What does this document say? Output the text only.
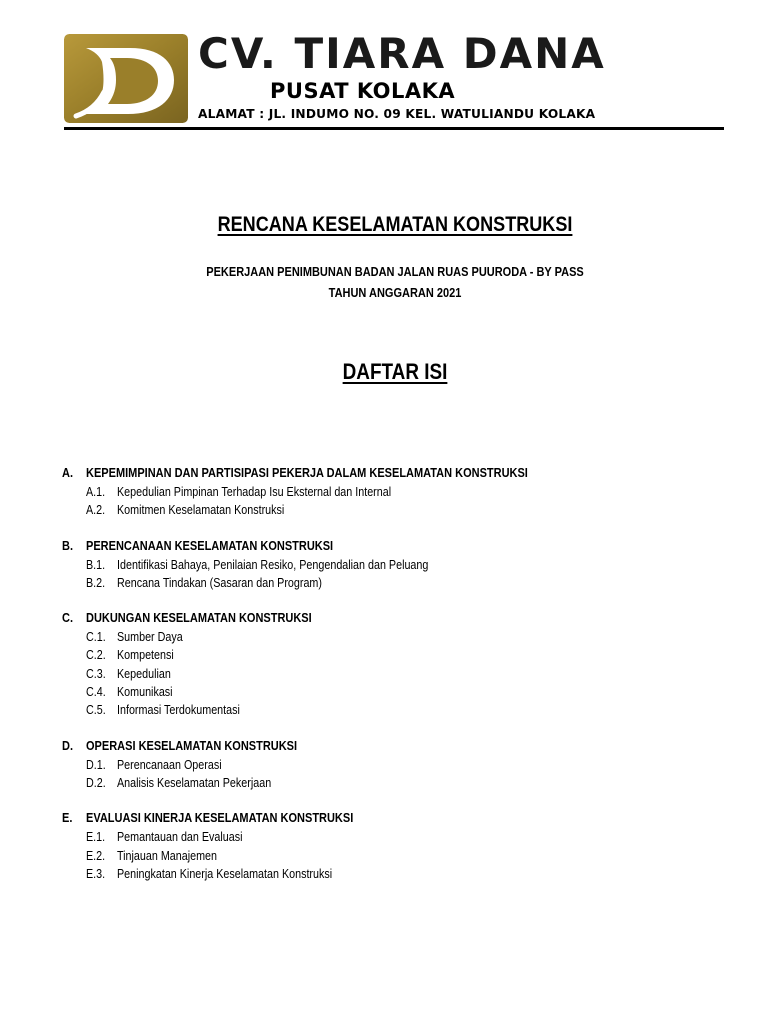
CV. TIARA DANA
PUSAT KOLAKA
ALAMAT : JL. INDUMO NO. 09 KEL. WATULIANDU KOLAKA
RENCANA KESELAMATAN KONSTRUKSI
PEKERJAAN PENIMBUNAN BADAN JALAN RUAS PUURODA - BY PASS
TAHUN ANGGARAN 2021
DAFTAR ISI
A. KEPEMIMPINAN DAN PARTISIPASI PEKERJA DALAM KESELAMATAN KONSTRUKSI
A.1. Kepedulian Pimpinan Terhadap Isu Eksternal dan Internal
A.2. Komitmen Keselamatan Konstruksi
B. PERENCANAAN KESELAMATAN KONSTRUKSI
B.1. Identifikasi Bahaya, Penilaian Resiko, Pengendalian dan Peluang
B.2. Rencana Tindakan (Sasaran dan Program)
C. DUKUNGAN KESELAMATAN KONSTRUKSI
C.1. Sumber Daya
C.2. Kompetensi
C.3. Kepedulian
C.4. Komunikasi
C.5. Informasi Terdokumentasi
D. OPERASI KESELAMATAN KONSTRUKSI
D.1. Perencanaan Operasi
D.2. Analisis Keselamatan Pekerjaan
E. EVALUASI KINERJA KESELAMATAN KONSTRUKSI
E.1. Pemantauan dan Evaluasi
E.2. Tinjauan Manajemen
E.3. Peningkatan Kinerja Keselamatan Konstruksi
